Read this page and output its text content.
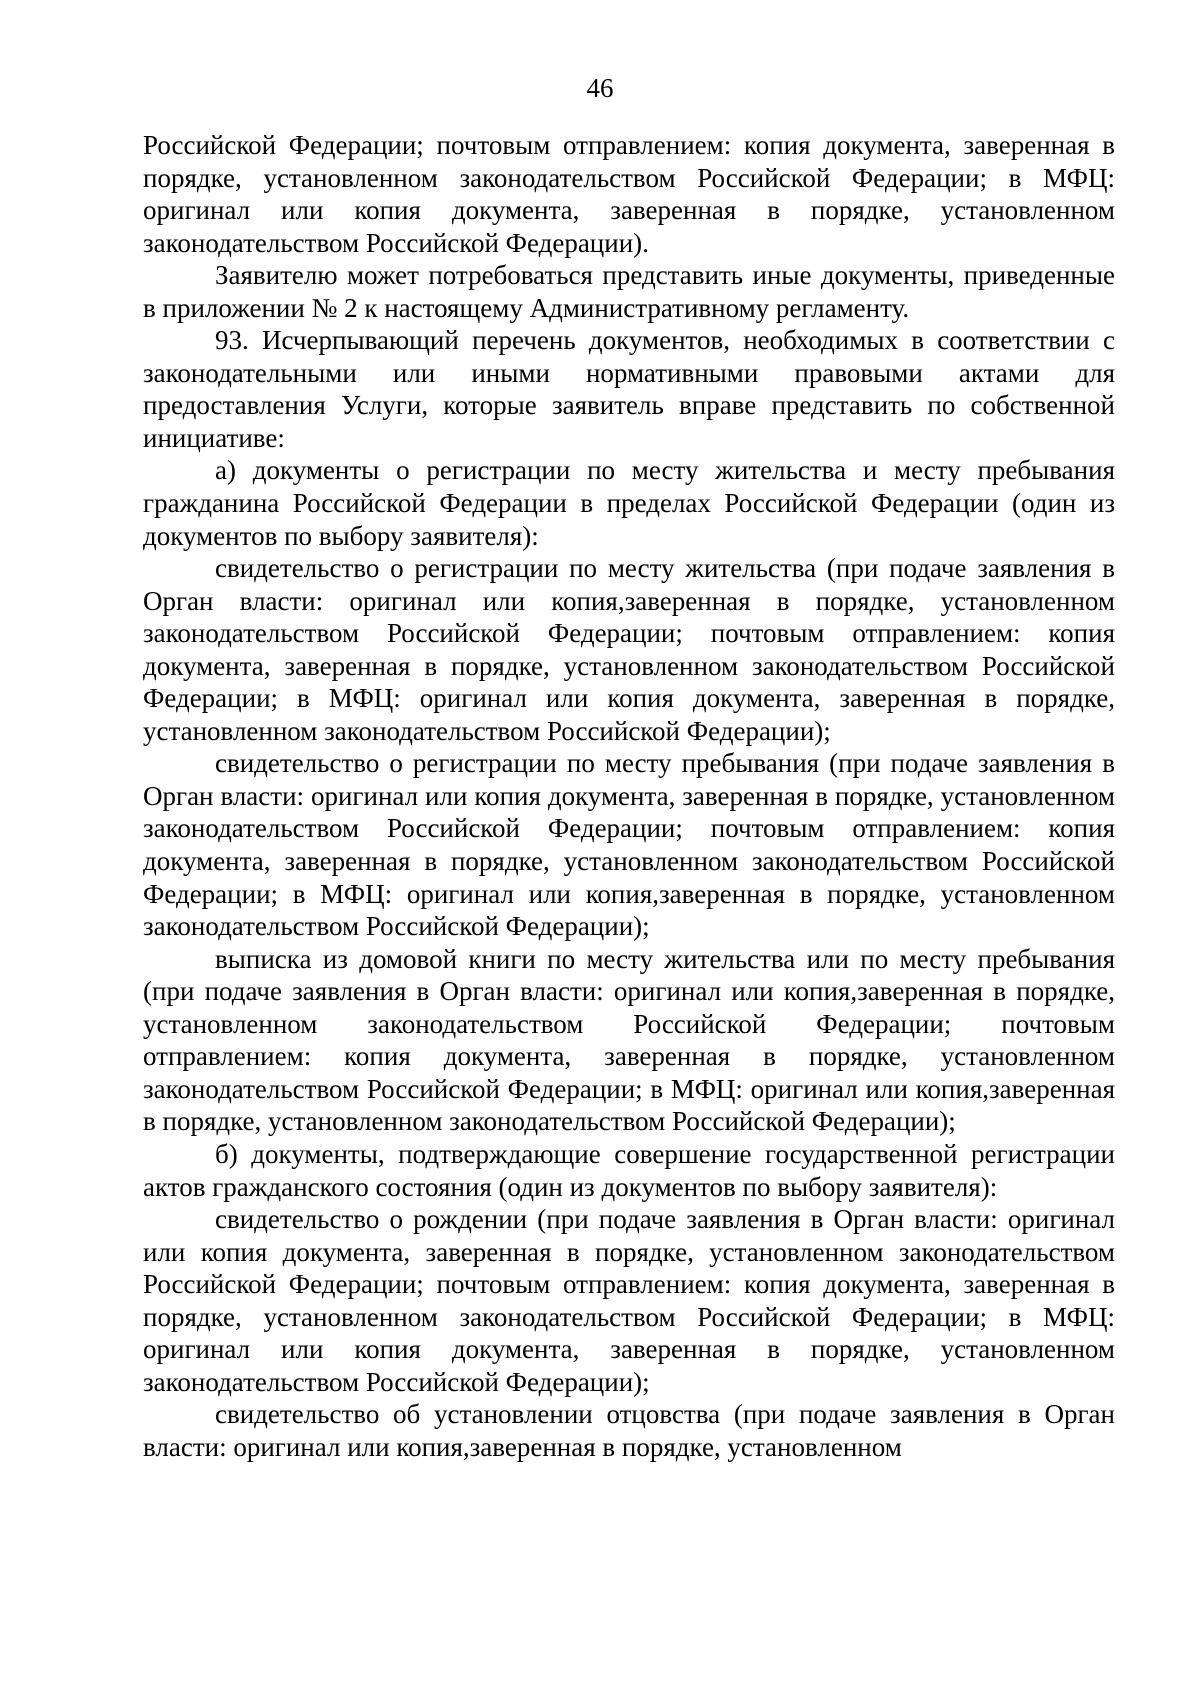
46

Российской Федерации; почтовым отправлением: копия документа, заверенная в порядке, установленном законодательством Российской Федерации; в МФЦ: оригинал или копия документа, заверенная в порядке, установленном законодательством Российской Федерации).

Заявителю может потребоваться представить иные документы, приведенные в приложении № 2 к настоящему Административному регламенту.

93. Исчерпывающий перечень документов, необходимых в соответствии с законодательными или иными нормативными правовыми актами для предоставления Услуги, которые заявитель вправе представить по собственной инициативе:

а) документы о регистрации по месту жительства и месту пребывания гражданина Российской Федерации в пределах Российской Федерации (один из документов по выбору заявителя):

свидетельство о регистрации по месту жительства (при подаче заявления в Орган власти: оригинал или копия,заверенная в порядке, установленном законодательством Российской Федерации; почтовым отправлением: копия документа, заверенная в порядке, установленном законодательством Российской Федерации; в МФЦ: оригинал или копия документа, заверенная в порядке, установленном законодательством Российской Федерации);

свидетельство о регистрации по месту пребывания (при подаче заявления в Орган власти: оригинал или копия документа, заверенная в порядке, установленном законодательством Российской Федерации; почтовым отправлением: копия документа, заверенная в порядке, установленном законодательством Российской Федерации; в МФЦ: оригинал или копия,заверенная в порядке, установленном законодательством Российской Федерации);

выписка из домовой книги по месту жительства или по месту пребывания (при подаче заявления в Орган власти: оригинал или копия,заверенная в порядке, установленном законодательством Российской Федерации; почтовым отправлением: копия документа, заверенная в порядке, установленном законодательством Российской Федерации; в МФЦ: оригинал или копия,заверенная в порядке, установленном законодательством Российской Федерации);

б) документы, подтверждающие совершение государственной регистрации актов гражданского состояния (один из документов по выбору заявителя):

свидетельство о рождении (при подаче заявления в Орган власти: оригинал или копия документа, заверенная в порядке, установленном законодательством Российской Федерации; почтовым отправлением: копия документа, заверенная в порядке, установленном законодательством Российской Федерации; в МФЦ: оригинал или копия документа, заверенная в порядке, установленном законодательством Российской Федерации);

свидетельство об установлении отцовства (при подаче заявления в Орган власти: оригинал или копия,заверенная в порядке, установленном
